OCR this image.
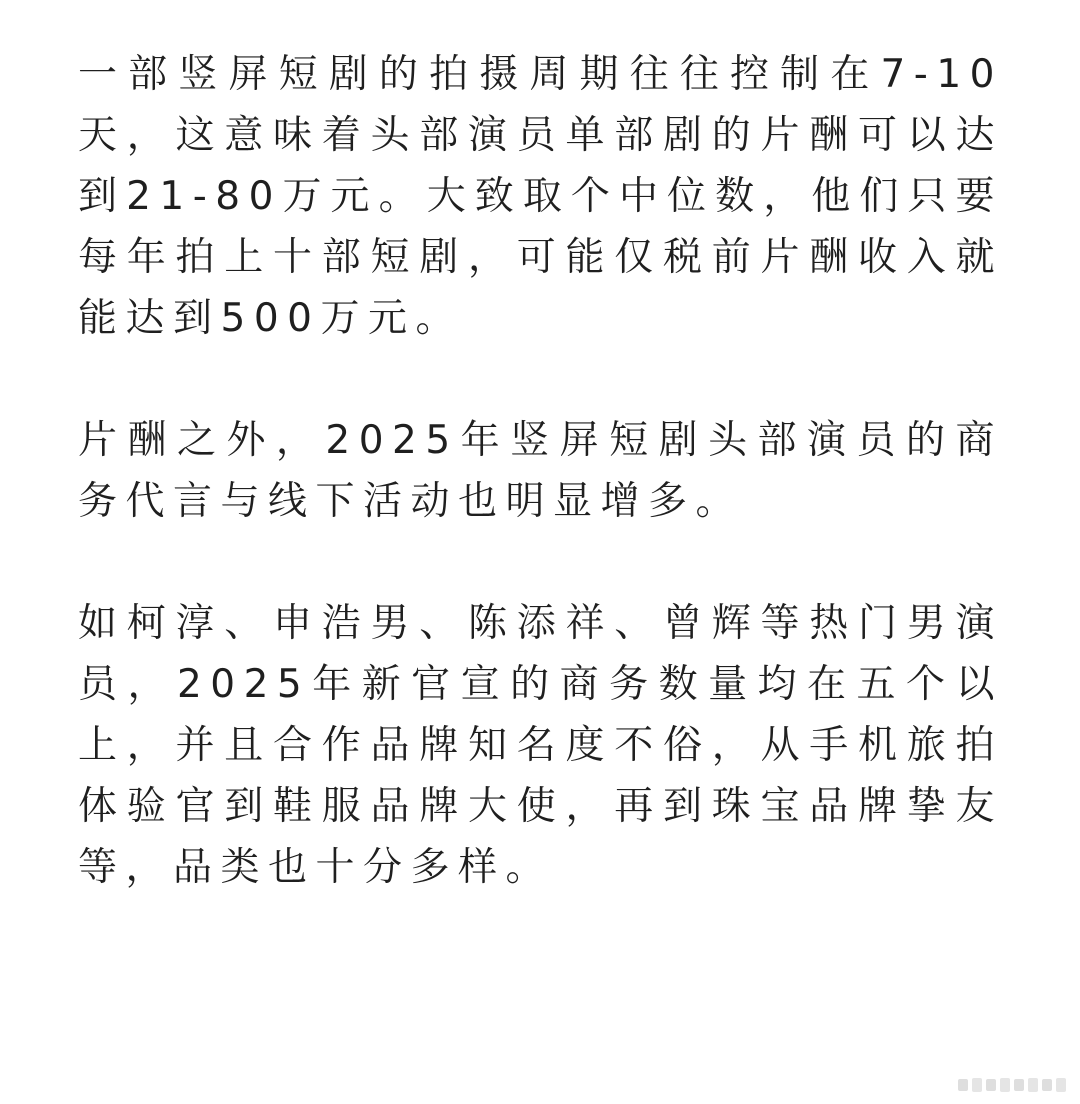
一部竖屏短剧的拍摄周期往往控制在7-10天，这意味着头部演员单部剧的片酬可以达到21-80万元。大致取个中位数，他们只要每年拍上十部短剧，可能仅税前片酬收入就能达到500万元。

片酬之外，2025年竖屏短剧头部演员的商务代言与线下活动也明显增多。

如柯淳、申浩男、陈添祥、曾辉等热门男演员，2025年新官宣的商务数量均在五个以上，并且合作品牌知名度不俗，从手机旅拍体验官到鞋服品牌大使，再到珠宝品牌挚友等，品类也十分多样。
